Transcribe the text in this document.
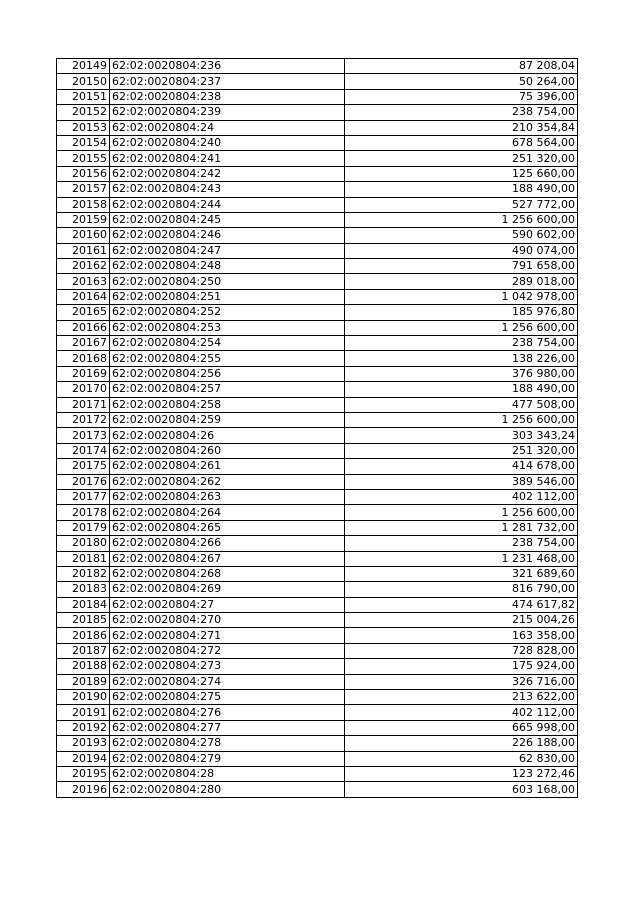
20149	62:02:0020804:236	87 208,04
20150	62:02:0020804:237	50 264,00
20151	62:02:0020804:238	75 396,00
20152	62:02:0020804:239	238 754,00
20153	62:02:0020804:24	210 354,84
20154	62:02:0020804:240	678 564,00
20155	62:02:0020804:241	251 320,00
20156	62:02:0020804:242	125 660,00
20157	62:02:0020804:243	188 490,00
20158	62:02:0020804:244	527 772,00
20159	62:02:0020804:245	1 256 600,00
20160	62:02:0020804:246	590 602,00
20161	62:02:0020804:247	490 074,00
20162	62:02:0020804:248	791 658,00
20163	62:02:0020804:250	289 018,00
20164	62:02:0020804:251	1 042 978,00
20165	62:02:0020804:252	185 976,80
20166	62:02:0020804:253	1 256 600,00
20167	62:02:0020804:254	238 754,00
20168	62:02:0020804:255	138 226,00
20169	62:02:0020804:256	376 980,00
20170	62:02:0020804:257	188 490,00
20171	62:02:0020804:258	477 508,00
20172	62:02:0020804:259	1 256 600,00
20173	62:02:0020804:26	303 343,24
20174	62:02:0020804:260	251 320,00
20175	62:02:0020804:261	414 678,00
20176	62:02:0020804:262	389 546,00
20177	62:02:0020804:263	402 112,00
20178	62:02:0020804:264	1 256 600,00
20179	62:02:0020804:265	1 281 732,00
20180	62:02:0020804:266	238 754,00
20181	62:02:0020804:267	1 231 468,00
20182	62:02:0020804:268	321 689,60
20183	62:02:0020804:269	816 790,00
20184	62:02:0020804:27	474 617,82
20185	62:02:0020804:270	215 004,26
20186	62:02:0020804:271	163 358,00
20187	62:02:0020804:272	728 828,00
20188	62:02:0020804:273	175 924,00
20189	62:02:0020804:274	326 716,00
20190	62:02:0020804:275	213 622,00
20191	62:02:0020804:276	402 112,00
20192	62:02:0020804:277	665 998,00
20193	62:02:0020804:278	226 188,00
20194	62:02:0020804:279	62 830,00
20195	62:02:0020804:28	123 272,46
20196	62:02:0020804:280	603 168,00
